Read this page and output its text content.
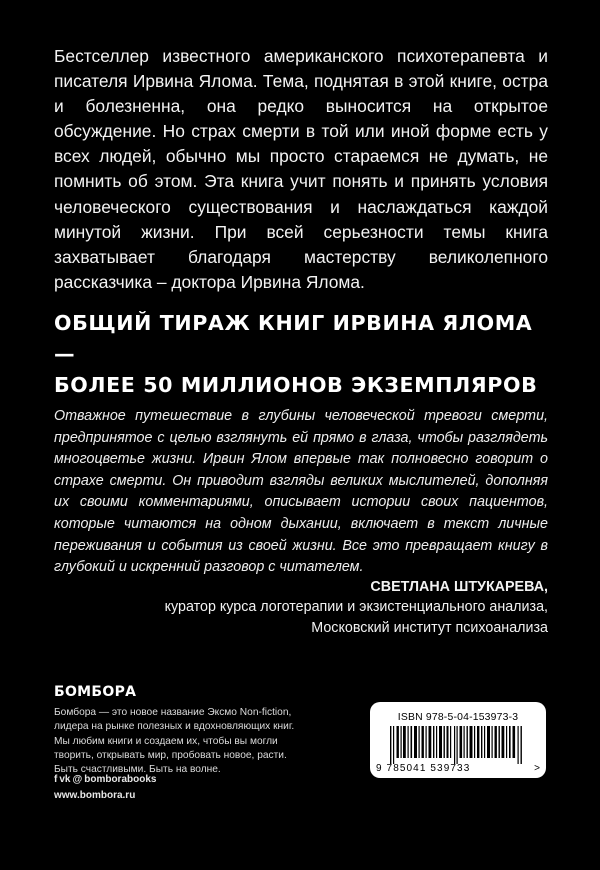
Бестселлер известного американского психотерапевта и писателя Ирвина Ялома. Тема, поднятая в этой книге, остра и болезненна, она редко выносится на открытое обсуждение. Но страх смерти в той или иной форме есть у всех людей, обычно мы просто стараемся не думать, не помнить об этом. Эта книга учит понять и принять условия человеческого существования и наслаждаться каждой минутой жизни. При всей серьезности темы книга захватывает благодаря мастерству великолепного рассказчика – доктора Ирвина Ялома.

ОБЩИЙ ТИРАЖ КНИГ ИРВИНА ЯЛОМА —
БОЛЕЕ 50 МИЛЛИОНОВ ЭКЗЕМПЛЯРОВ

Отважное путешествие в глубины человеческой тревоги смерти, предпринятое с целью взглянуть ей прямо в глаза, чтобы разглядеть многоцветье жизни. Ирвин Ялом впервые так полновесно говорит о страхе смерти. Он приводит взгляды великих мыслителей, дополняя их своими комментариями, описывает истории своих пациентов, которые читаются на одном дыхании, включает в текст личные переживания и события из своей жизни. Все это превращает книгу в глубокий и искренний разговор с читателем.

СВЕТЛАНА ШТУКАРЕВА,

куратор курса логотерапии и экзистенциального анализа,

Московский институт психоанализа

БОМБОРА

Бомбора — это новое название Эксмо Non-fiction,
лидера на рынке полезных и вдохновляющих книг.
Мы любим книги и создаем их, чтобы вы могли
творить, открывать мир, пробовать новое, расти.
Быть счастливыми. Быть на волне.
f vk @ bomborabooks

www.bombora.ru

ISBN 978-5-04-153973-3
9 785041 539733	>
